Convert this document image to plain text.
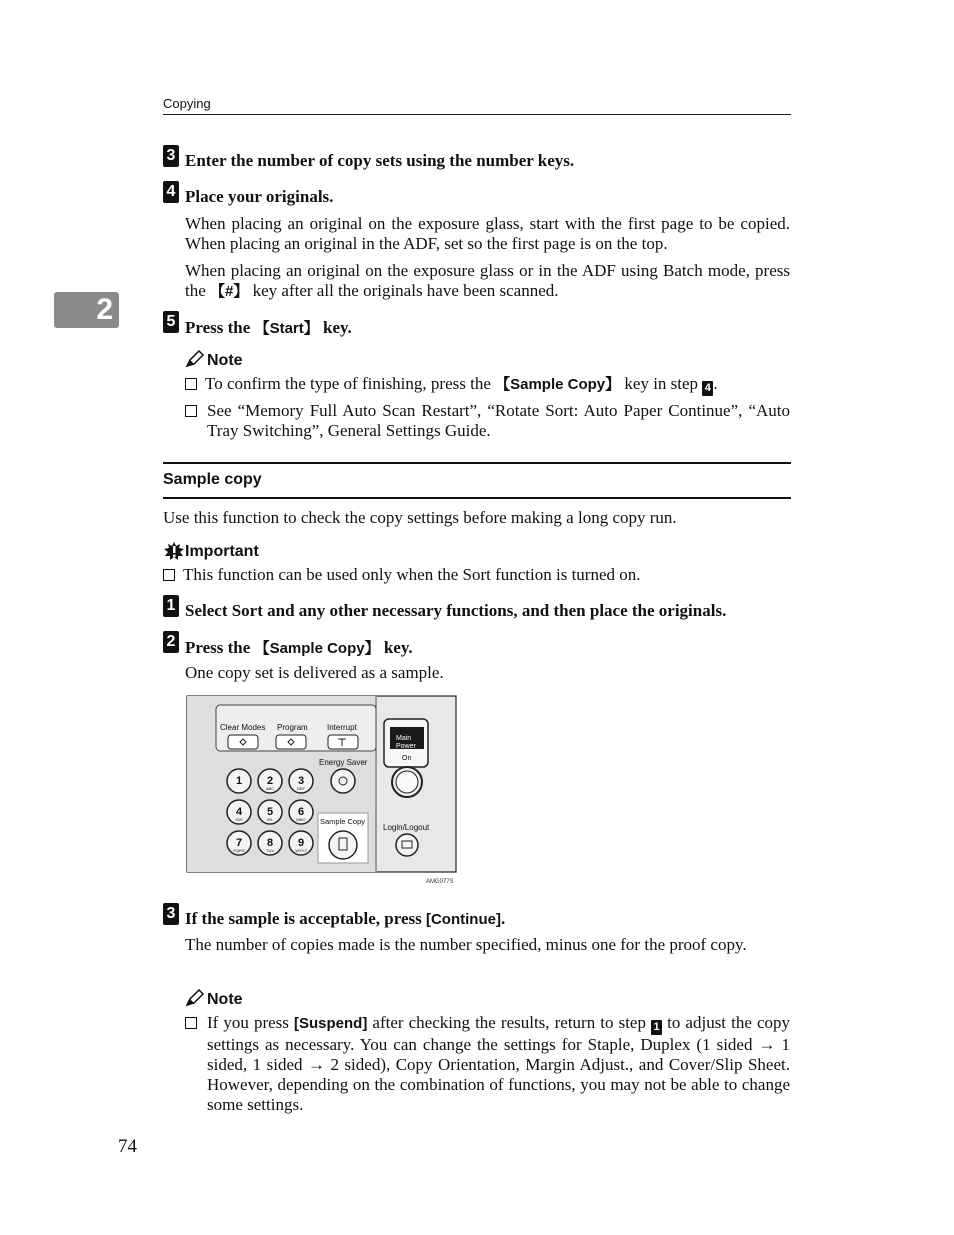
Copying
2
3 Enter the number of copy sets using the number keys.
4 Place your originals.
When placing an original on the exposure glass, start with the first page to be copied. When placing an original in the ADF, set so the first page is on the top.
When placing an original on the exposure glass or in the ADF using Batch mode, press the 【#】 key after all the originals have been scanned.
5 Press the 【Start】 key.
Note
To confirm the type of finishing, press the 【Sample Copy】 key in step 4 .
See “Memory Full Auto Scan Restart”, “Rotate Sort: Auto Paper Continue”, “Auto Tray Switching”, General Settings Guide.
Sample copy
Use this function to check the copy settings before making a long copy run.
Important
This function can be used only when the Sort function is turned on.
1 Select Sort and any other necessary functions, and then place the originals.
2 Press the 【Sample Copy】 key.
One copy set is delivered as a sample.
Clear Modes Program Interrupt
Energy Saver
1 2
ABC
3
DEF
4
GHI
5
JKL
6
MNO
7
PQRS
8
TUV
9
WXYZ
Sample Copy
Main
Power
On
Login/Logout
AMG077S
3 If the sample is acceptable, press [Continue].
The number of copies made is the number specified, minus one for the proof copy.
Note
If you press [Suspend] after checking the results, return to step 1 to adjust the copy settings as necessary. You can change the settings for Staple, Duplex (1 sided → 1 sided, 1 sided → 2 sided), Copy Orientation, Margin Adjust., and Cover/Slip Sheet. However, depending on the combination of functions, you may not be able to change some settings.
74
